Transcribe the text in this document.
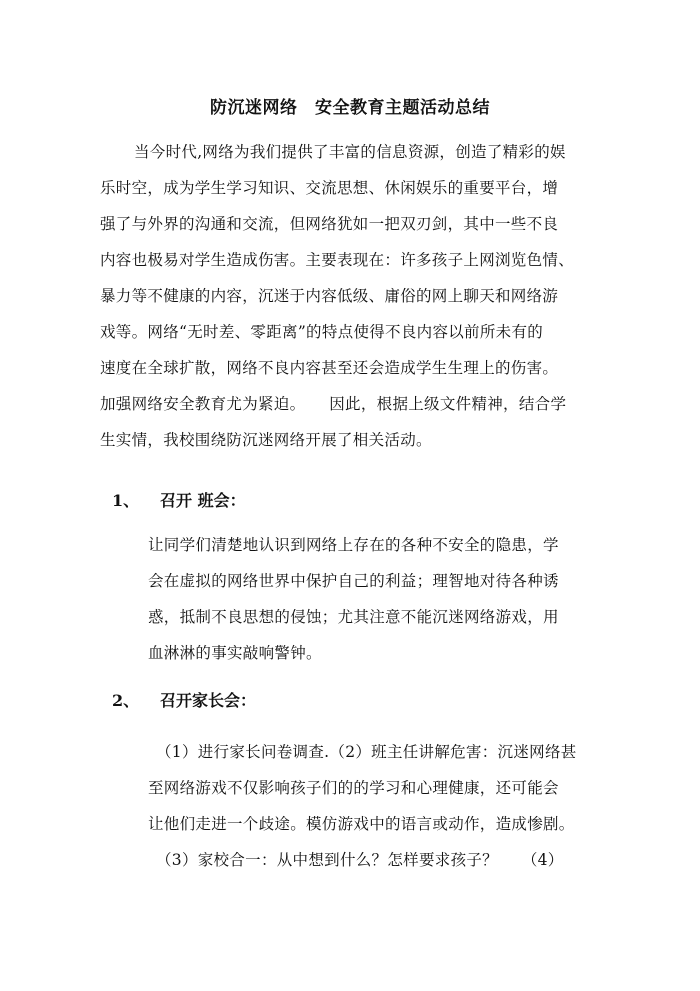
防沉迷网络　安全教育主题活动总结
当今时代,网络为我们提供了丰富的信息资源，创造了精彩的娱
乐时空，成为学生学习知识、交流思想、休闲娱乐的重要平台，增
强了与外界的沟通和交流，但网络犹如一把双刃剑，其中一些不良
内容也极易对学生造成伤害。主要表现在：许多孩子上网浏览色情、
暴力等不健康的内容，沉迷于内容低级、庸俗的网上聊天和网络游
戏等。网络“无时差、零距离”的特点使得不良内容以前所未有的
速度在全球扩散，网络不良内容甚至还会造成学生生理上的伤害。
加强网络安全教育尤为紧迫。　　因此，根据上级文件精神，结合学
生实情，我校围绕防沉迷网络开展了相关活动。
1、 召开 班会：
让同学们清楚地认识到网络上存在的各种不安全的隐患，学
会在虚拟的网络世界中保护自己的利益；理智地对待各种诱
惑，抵制不良思想的侵蚀；尤其注意不能沉迷网络游戏，用
血淋淋的事实敲响警钟。
2、 召开家长会：
（1）进行家长问卷调查.（2）班主任讲解危害：沉迷网络甚
至网络游戏不仅影响孩子们的的学习和心理健康，还可能会
让他们走进一个歧途。模仿游戏中的语言或动作，造成惨剧。
（3）家校合一：从中想到什么？怎样要求孩子？　　（4）
